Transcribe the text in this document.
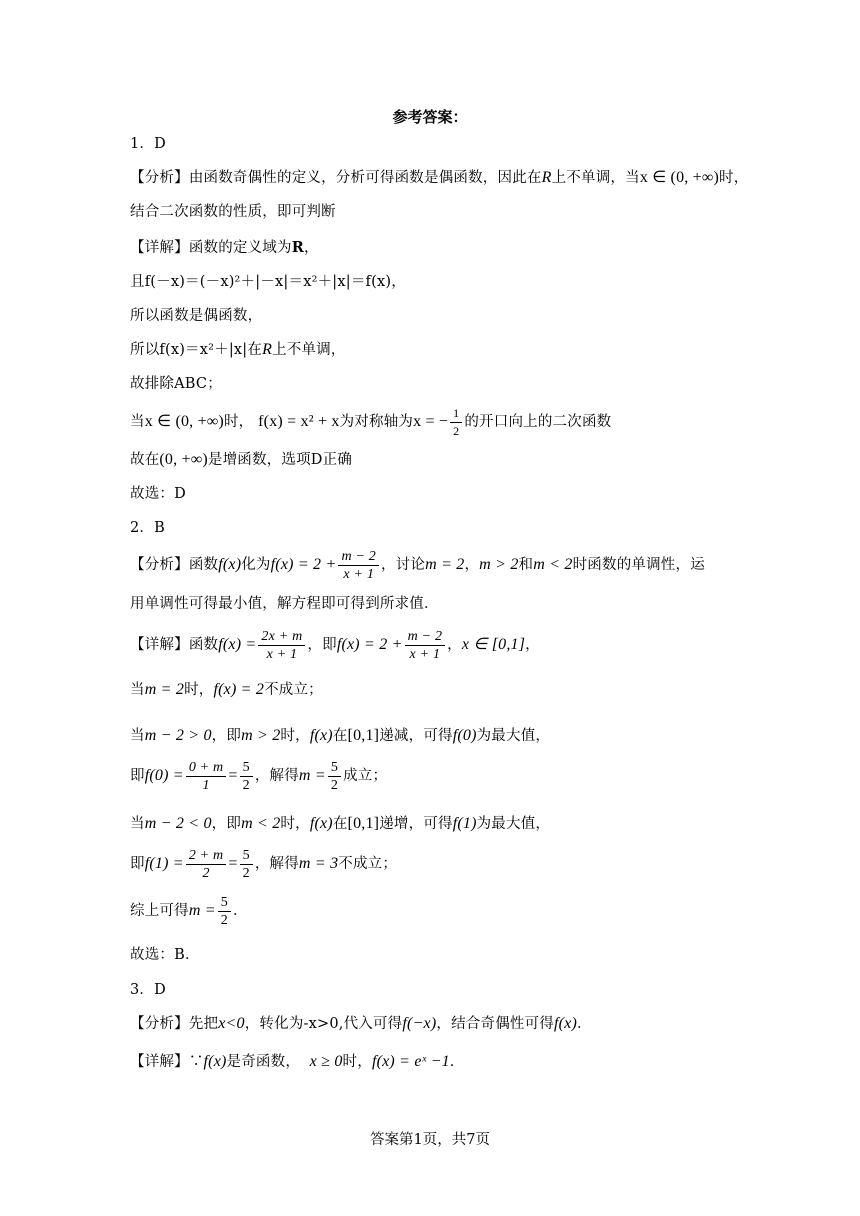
参考答案：
1．D
【分析】由函数奇偶性的定义，分析可得函数是偶函数，因此在R上不单调，当x ∈ (0, +∞)时，
结合二次函数的性质，即可判断
【详解】函数的定义域为R，
且f(－x)＝(－x)²＋|－x|＝x²＋|x|＝f(x)，
所以函数是偶函数，
所以f(x)＝x²＋|x|在R上不单调，
故排除ABC；
当x ∈ (0, +∞)时， f(x) = x² + x为对称轴为x = − $\frac{1}{2}$ 的开口向上的二次函数
故在(0, +∞)是增函数，选项D正确
故选：D
2．B
【分析】函数f(x)化为$f(x) = 2 + \frac{m - 2}{x + 1}$ ，讨论m = 2，m > 2和m < 2时函数的单调性，运
用单调性可得最小值，解方程即可得到所求值．
【详解】函数$f(x) = \frac{2x + m}{x + 1}$ ，即$f(x) = 2 + \frac{m - 2}{x + 1}$ ，x ∈ [0,1]，
当m = 2时，f(x) = 2不成立；
当m − 2 > 0，即m > 2时，f(x)在[0,1]递减，可得f(0)为最大值，
即$f(0) = \frac{0 + m}{1} = \frac{5}{2}$ ，解得$m = \frac{5}{2}$ 成立；
当m − 2 < 0，即m < 2时，f(x)在[0,1]递增，可得f(1)为最大值，
即$f(1) = \frac{2 + m}{2} = \frac{5}{2}$ ，解得m = 3不成立；
综上可得$m = \frac{5}{2}$ ．
故选：B．
3．D
【分析】先把x<0，转化为-x>0,代入可得f(−x)，结合奇偶性可得f(x)．
【详解】∵f(x)是奇函数， x ≥ 0时，f(x) = eˣ −1．
答案第1页，共7页
